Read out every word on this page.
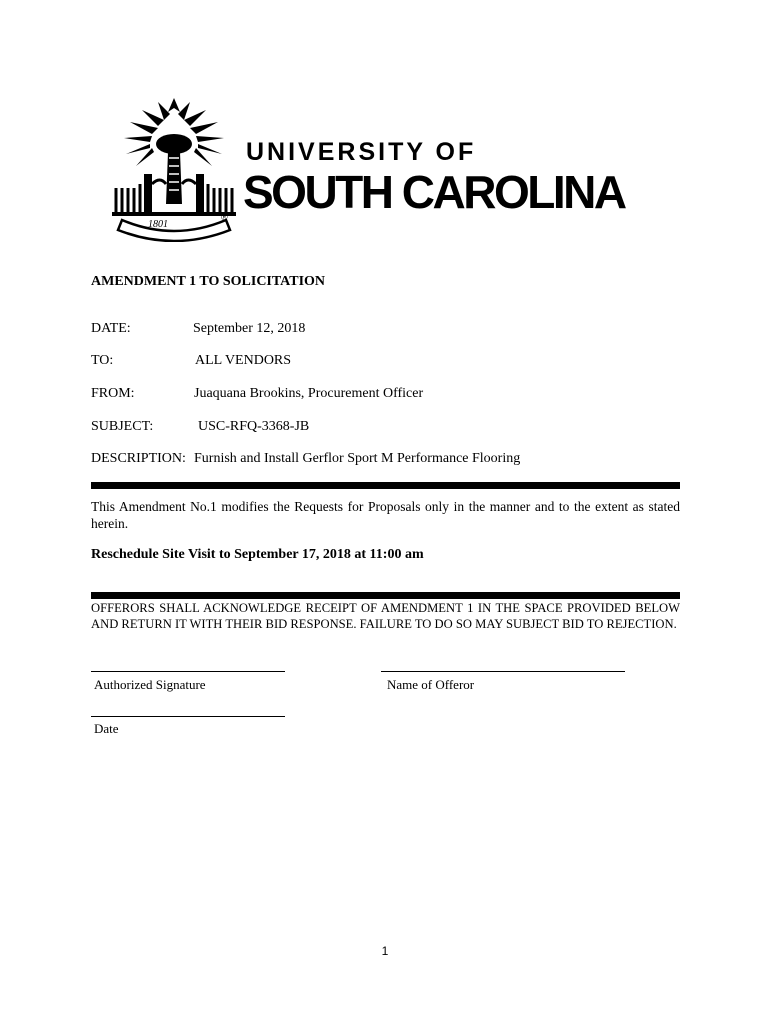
1801
®
UNIVERSITY OF
SOUTH CAROLINA
AMENDMENT 1 TO SOLICITATION
DATE:	September 12, 2018
TO:	ALL VENDORS
FROM:	Juaquana Brookins, Procurement Officer
SUBJECT:	USC-RFQ-3368-JB
DESCRIPTION: Furnish and Install Gerflor Sport M Performance Flooring
This Amendment No.1 modifies the Requests for Proposals only in the manner and to the extent as stated herein.
Reschedule Site Visit to September 17, 2018 at 11:00 am
OFFERORS SHALL ACKNOWLEDGE RECEIPT OF AMENDMENT 1 IN THE SPACE PROVIDED BELOW AND RETURN IT WITH THEIR BID RESPONSE. FAILURE TO DO SO MAY SUBJECT BID TO REJECTION.
Authorized Signature	Name of Offeror
Date
1
